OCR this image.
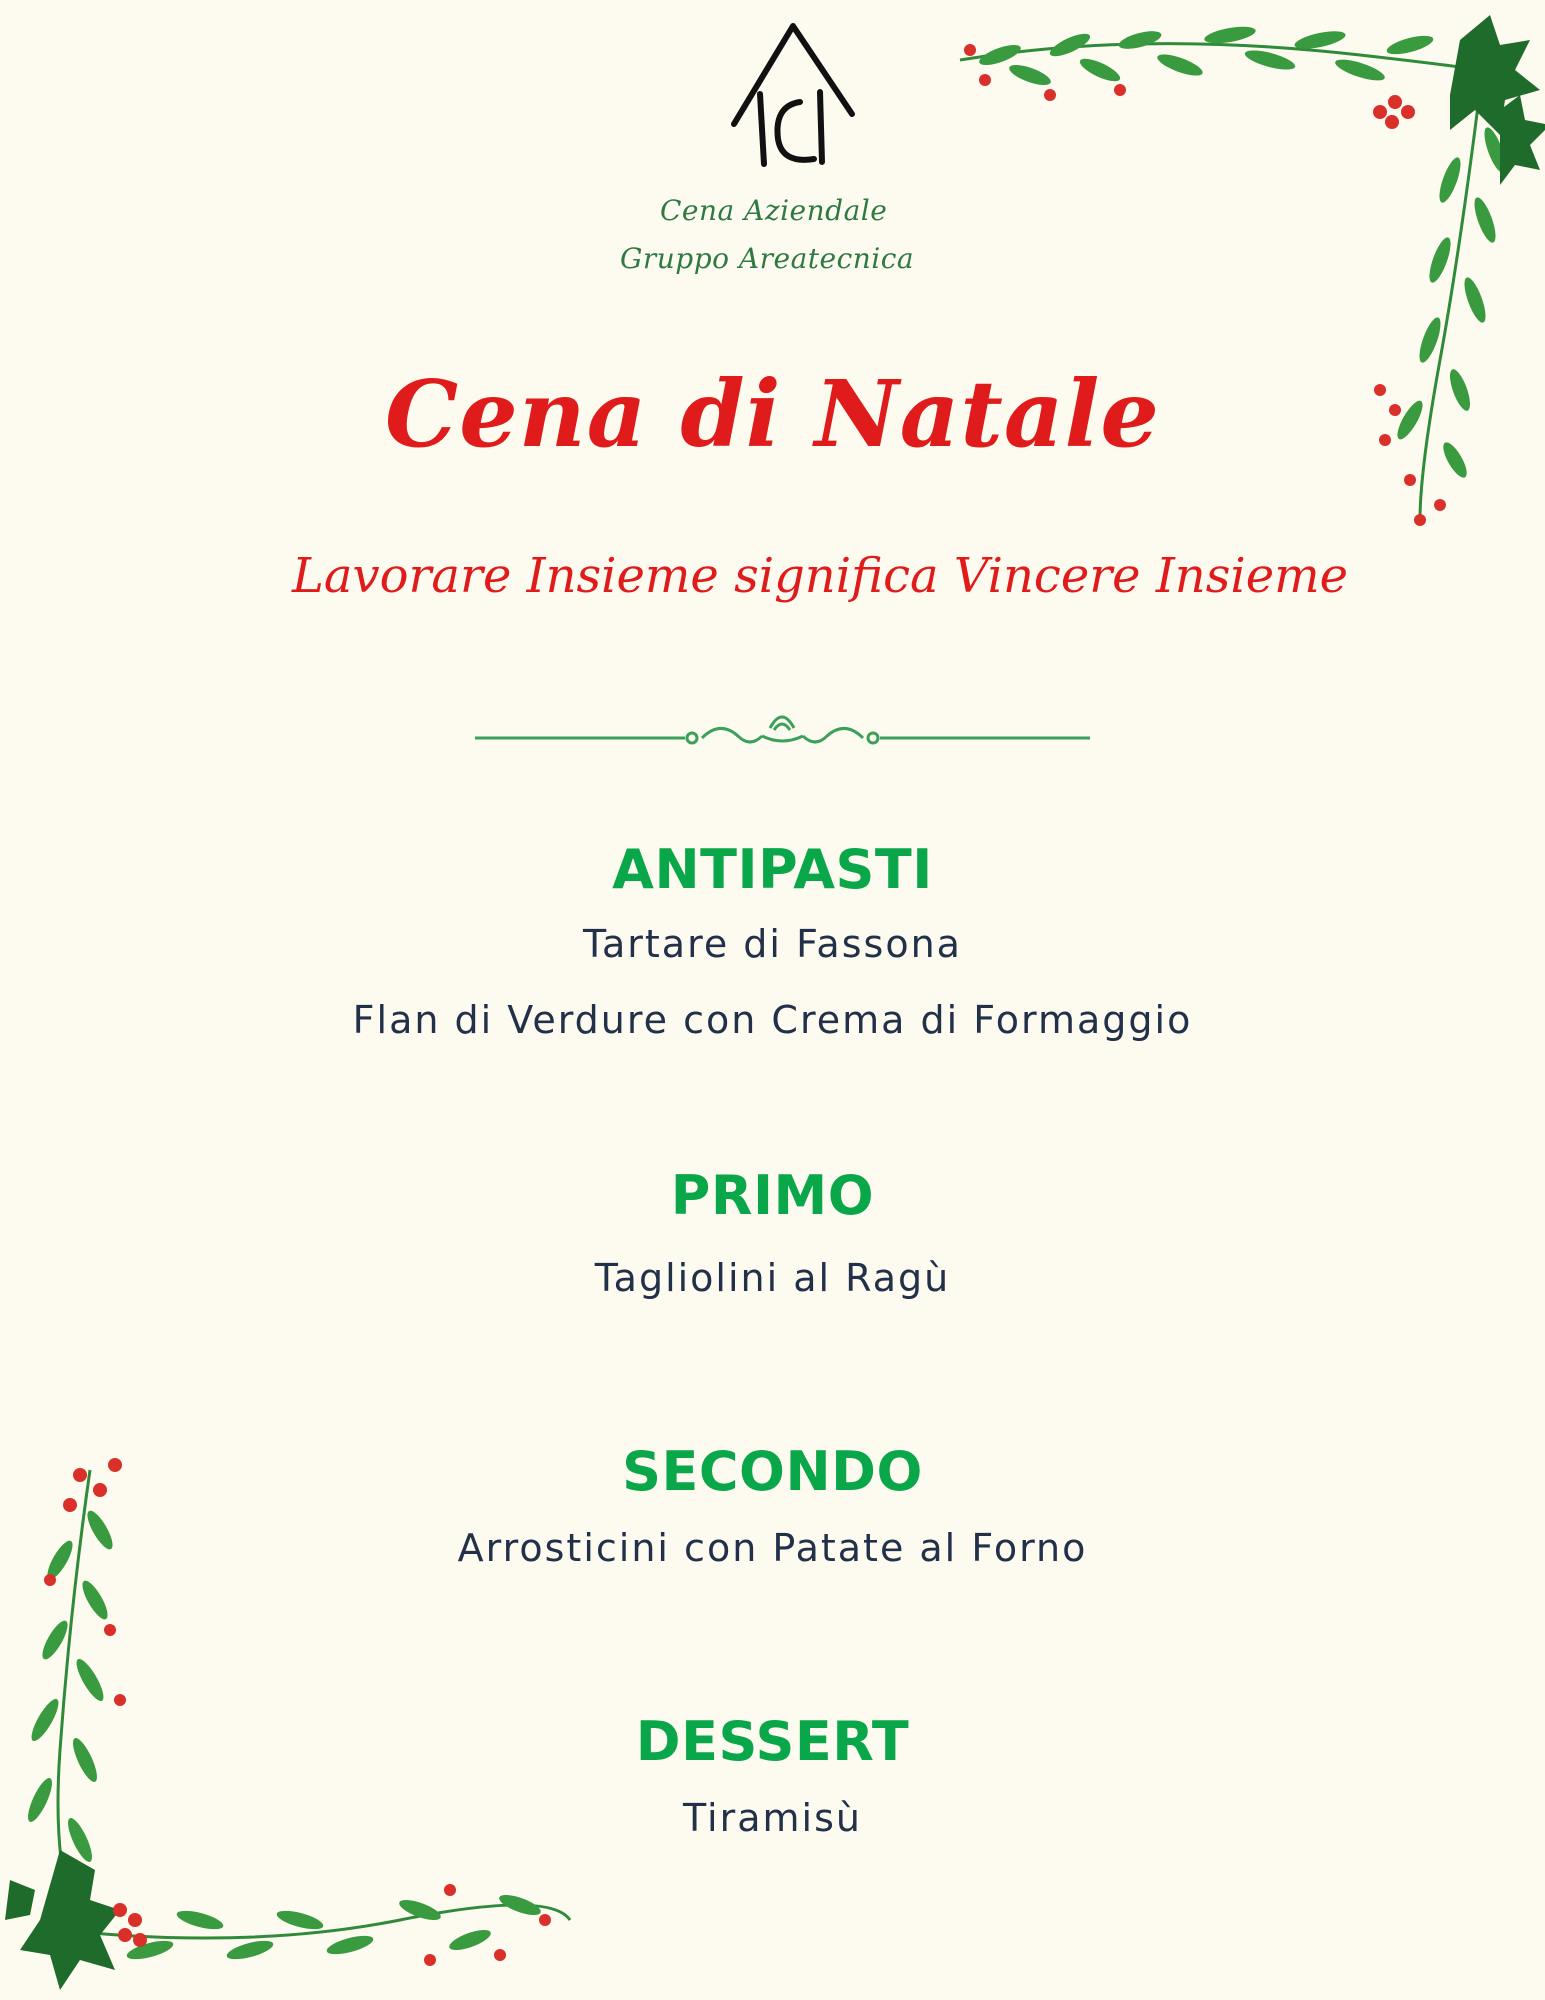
Cena Aziendale
Gruppo Areatecnica
Cena di Natale
Lavorare Insieme significa Vincere Insieme
ANTIPASTI
Tartare di Fassona
Flan di Verdure con Crema di Formaggio
PRIMO
Tagliolini al Ragù
SECONDO
Arrosticini con Patate al Forno
DESSERT
Tiramisù
